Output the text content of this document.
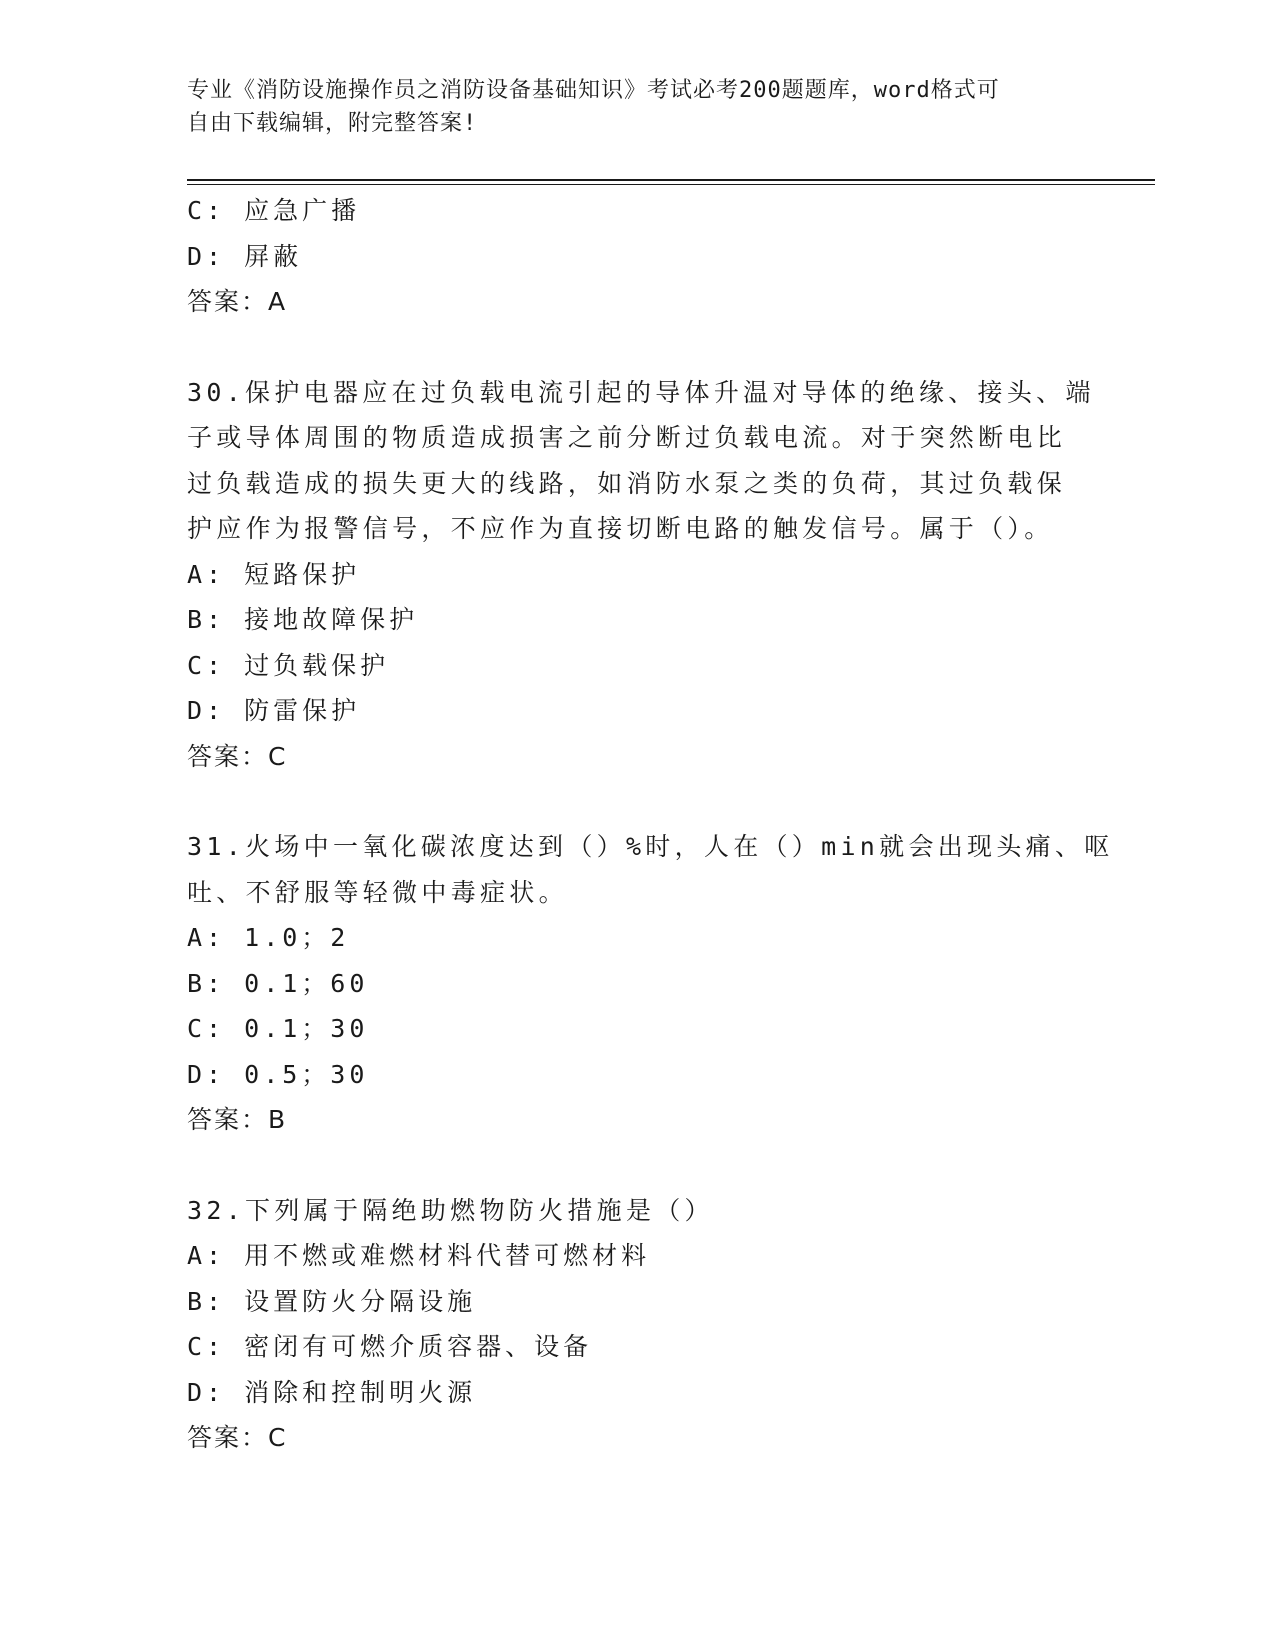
专业《消防设施操作员之消防设备基础知识》考试必考200题题库，word格式可
自由下载编辑，附完整答案!
C: 应急广播
D: 屏蔽
答案：A
30.保护电器应在过负载电流引起的导体升温对导体的绝缘、接头、端
子或导体周围的物质造成损害之前分断过负载电流。对于突然断电比
过负载造成的损失更大的线路，如消防水泵之类的负荷，其过负载保
护应作为报警信号，不应作为直接切断电路的触发信号。属于（）。
A: 短路保护
B: 接地故障保护
C: 过负载保护
D: 防雷保护
答案：C
31.火场中一氧化碳浓度达到（）%时，人在（）min就会出现头痛、呕
吐、不舒服等轻微中毒症状。
A: 1.0；2
B: 0.1；60
C: 0.1；30
D: 0.5；30
答案：B
32.下列属于隔绝助燃物防火措施是（）
A: 用不燃或难燃材料代替可燃材料
B: 设置防火分隔设施
C: 密闭有可燃介质容器、设备
D: 消除和控制明火源
答案：C
